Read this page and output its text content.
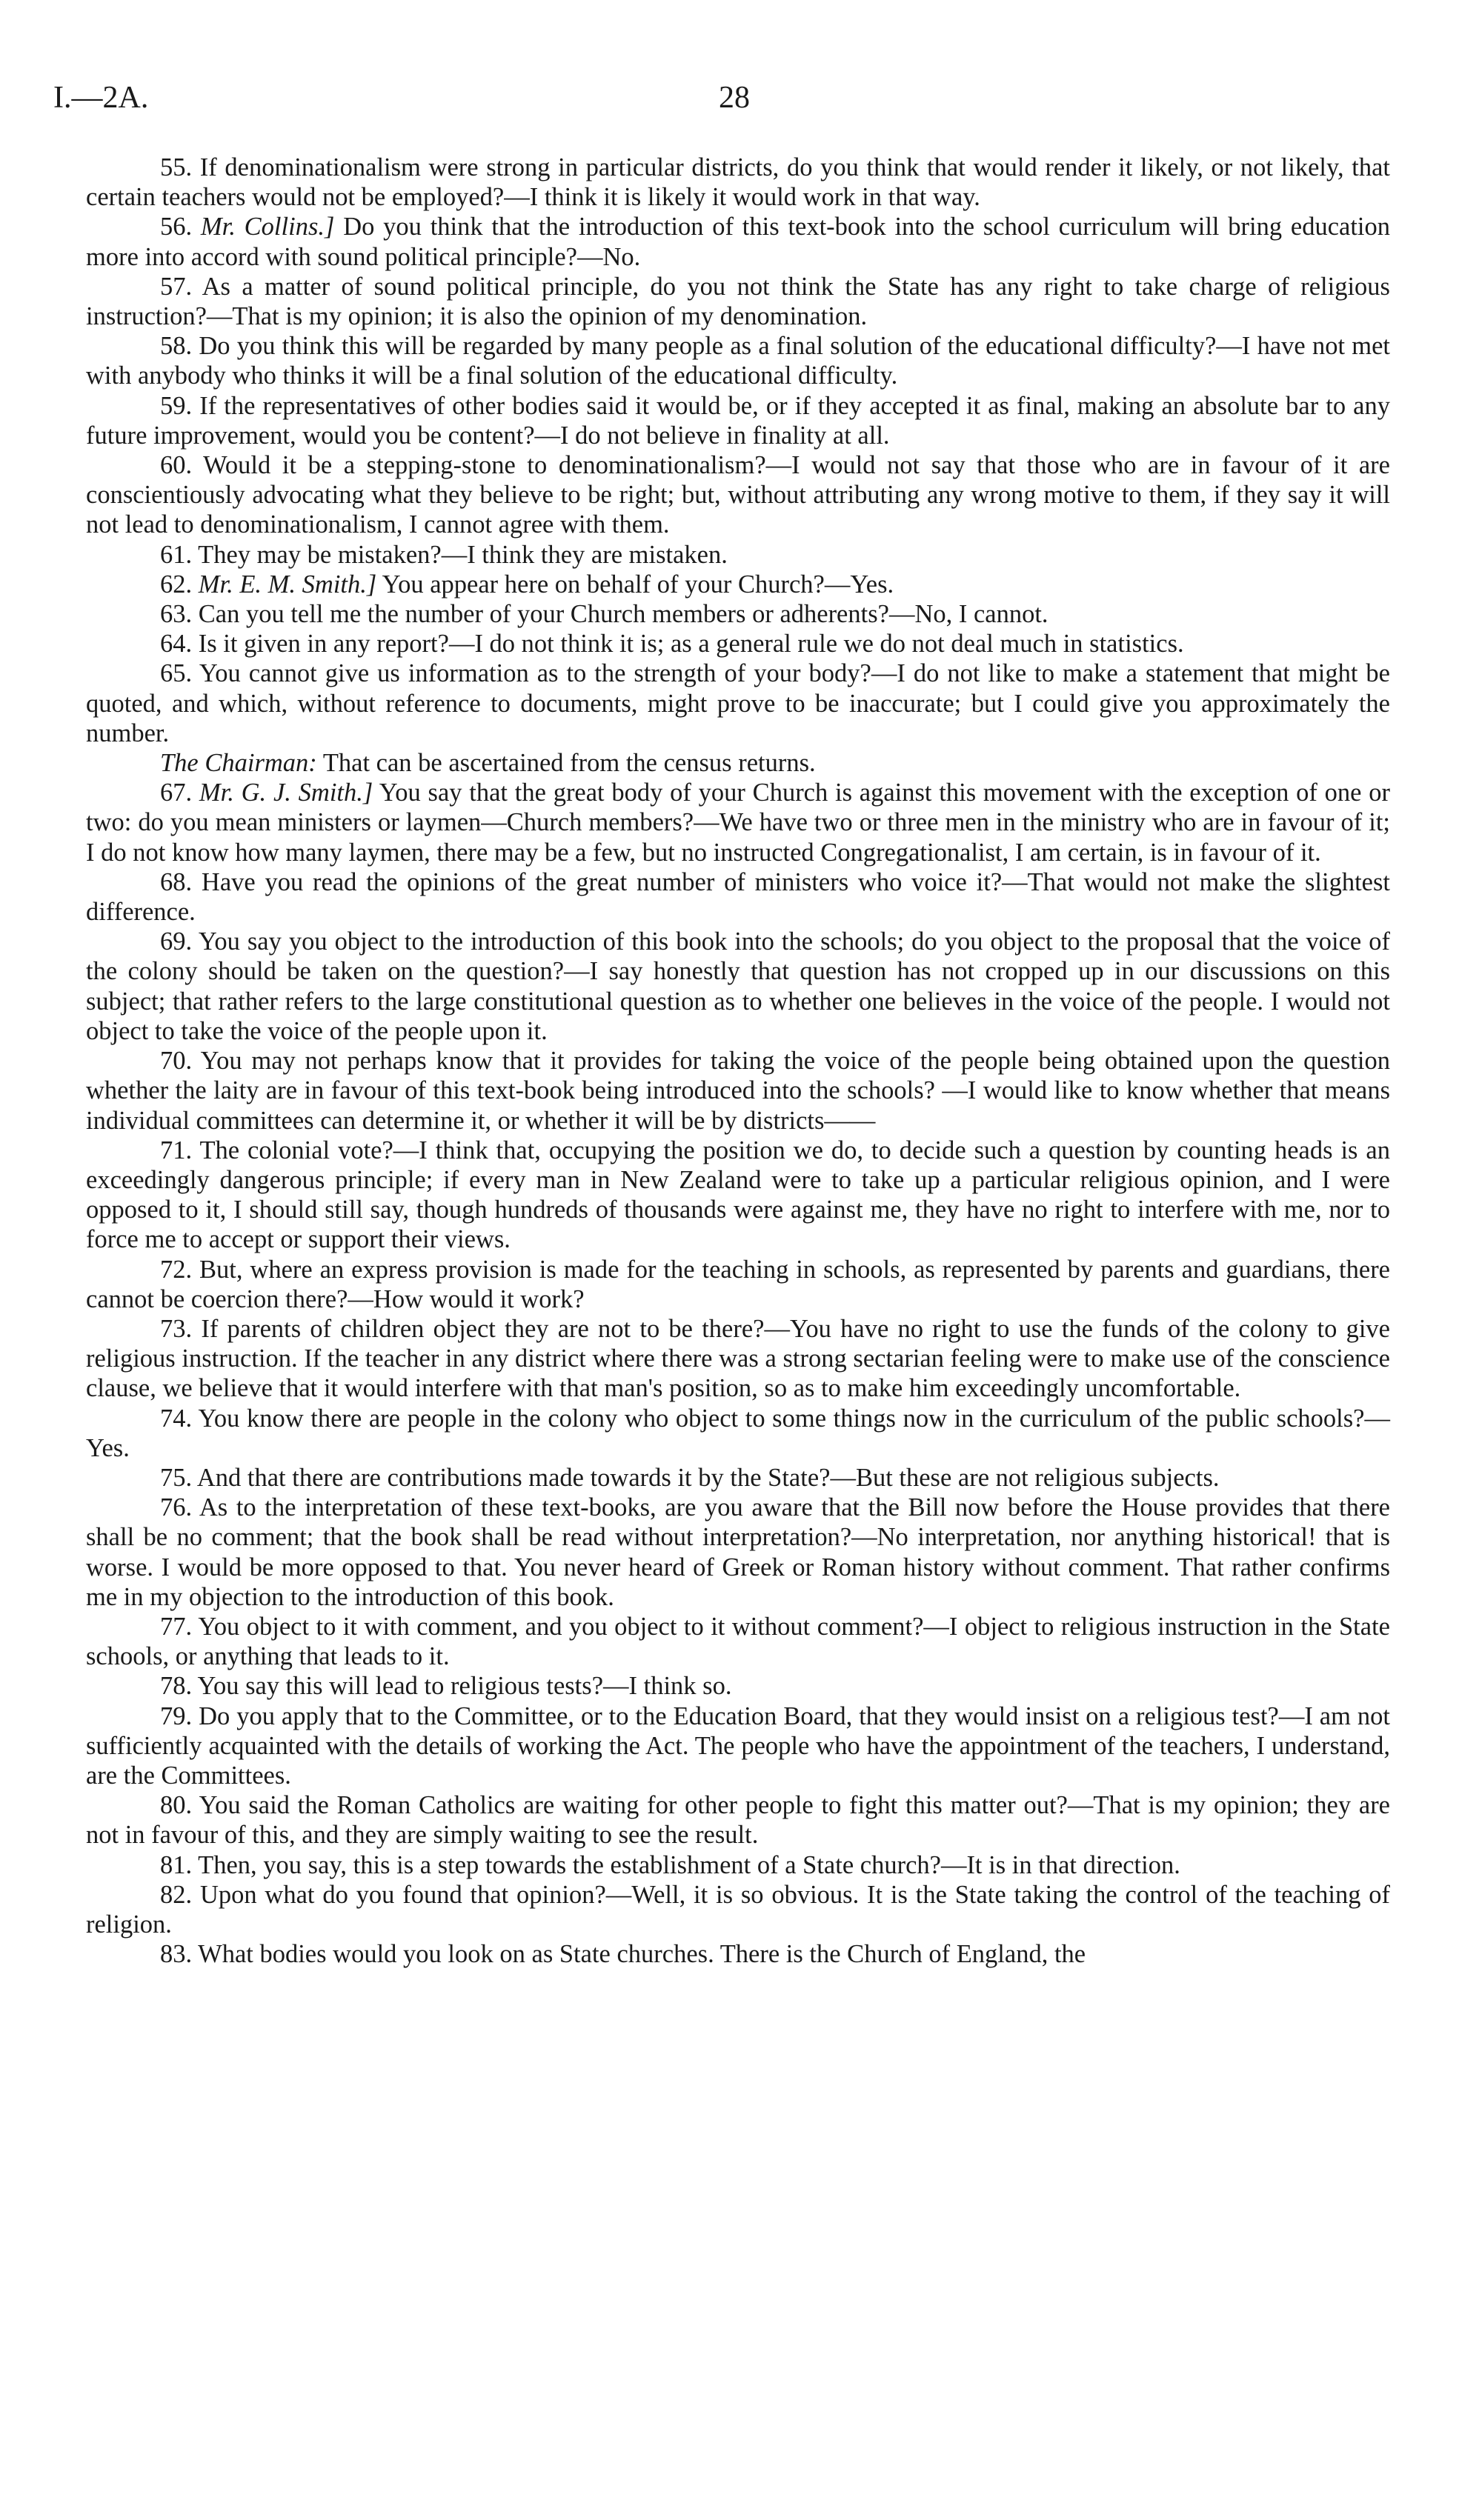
I.—2A.	28

55. If denominationalism were strong in particular districts, do you think that would render it likely, or not likely, that certain teachers would not be employed?—I think it is likely it would work in that way.

56. Mr. Collins.] Do you think that the introduction of this text-book into the school curriculum will bring education more into accord with sound political principle?—No.

57. As a matter of sound political principle, do you not think the State has any right to take charge of religious instruction?—That is my opinion; it is also the opinion of my denomination.

58. Do you think this will be regarded by many people as a final solution of the educational difficulty?—I have not met with anybody who thinks it will be a final solution of the educational difficulty.

59. If the representatives of other bodies said it would be, or if they accepted it as final, making an absolute bar to any future improvement, would you be content?—I do not believe in finality at all.

60. Would it be a stepping-stone to denominationalism?—I would not say that those who are in favour of it are conscientiously advocating what they believe to be right; but, without attributing any wrong motive to them, if they say it will not lead to denominationalism, I cannot agree with them.

61. They may be mistaken?—I think they are mistaken.

62. Mr. E. M. Smith.] You appear here on behalf of your Church?—Yes.

63. Can you tell me the number of your Church members or adherents?—No, I cannot.

64. Is it given in any report?—I do not think it is; as a general rule we do not deal much in statistics.

65. You cannot give us information as to the strength of your body?—I do not like to make a statement that might be quoted, and which, without reference to documents, might prove to be inaccurate; but I could give you approximately the number.

The Chairman: That can be ascertained from the census returns.

67. Mr. G. J. Smith.] You say that the great body of your Church is against this movement with the exception of one or two: do you mean ministers or laymen—Church members?—We have two or three men in the ministry who are in favour of it; I do not know how many laymen, there may be a few, but no instructed Congregationalist, I am certain, is in favour of it.

68. Have you read the opinions of the great number of ministers who voice it?—That would not make the slightest difference.

69. You say you object to the introduction of this book into the schools; do you object to the proposal that the voice of the colony should be taken on the question?—I say honestly that question has not cropped up in our discussions on this subject; that rather refers to the large constitutional question as to whether one believes in the voice of the people. I would not object to take the voice of the people upon it.

70. You may not perhaps know that it provides for taking the voice of the people being obtained upon the question whether the laity are in favour of this text-book being introduced into the schools? —I would like to know whether that means individual committees can determine it, or whether it will be by districts——

71. The colonial vote?—I think that, occupying the position we do, to decide such a question by counting heads is an exceedingly dangerous principle; if every man in New Zealand were to take up a particular religious opinion, and I were opposed to it, I should still say, though hundreds of thousands were against me, they have no right to interfere with me, nor to force me to accept or support their views.

72. But, where an express provision is made for the teaching in schools, as represented by parents and guardians, there cannot be coercion there?—How would it work?

73. If parents of children object they are not to be there?—You have no right to use the funds of the colony to give religious instruction. If the teacher in any district where there was a strong sectarian feeling were to make use of the conscience clause, we believe that it would interfere with that man's position, so as to make him exceedingly uncomfortable.

74. You know there are people in the colony who object to some things now in the curriculum of the public schools?—Yes.

75. And that there are contributions made towards it by the State?—But these are not religious subjects.

76. As to the interpretation of these text-books, are you aware that the Bill now before the House provides that there shall be no comment; that the book shall be read without interpretation?—No interpretation, nor anything historical! that is worse. I would be more opposed to that. You never heard of Greek or Roman history without comment. That rather confirms me in my objection to the introduction of this book.

77. You object to it with comment, and you object to it without comment?—I object to religious instruction in the State schools, or anything that leads to it.

78. You say this will lead to religious tests?—I think so.

79. Do you apply that to the Committee, or to the Education Board, that they would insist on a religious test?—I am not sufficiently acquainted with the details of working the Act. The people who have the appointment of the teachers, I understand, are the Committees.

80. You said the Roman Catholics are waiting for other people to fight this matter out?—That is my opinion; they are not in favour of this, and they are simply waiting to see the result.

81. Then, you say, this is a step towards the establishment of a State church?—It is in that direction.

82. Upon what do you found that opinion?—Well, it is so obvious. It is the State taking the control of the teaching of religion.

83. What bodies would you look on as State churches. There is the Church of England, the
